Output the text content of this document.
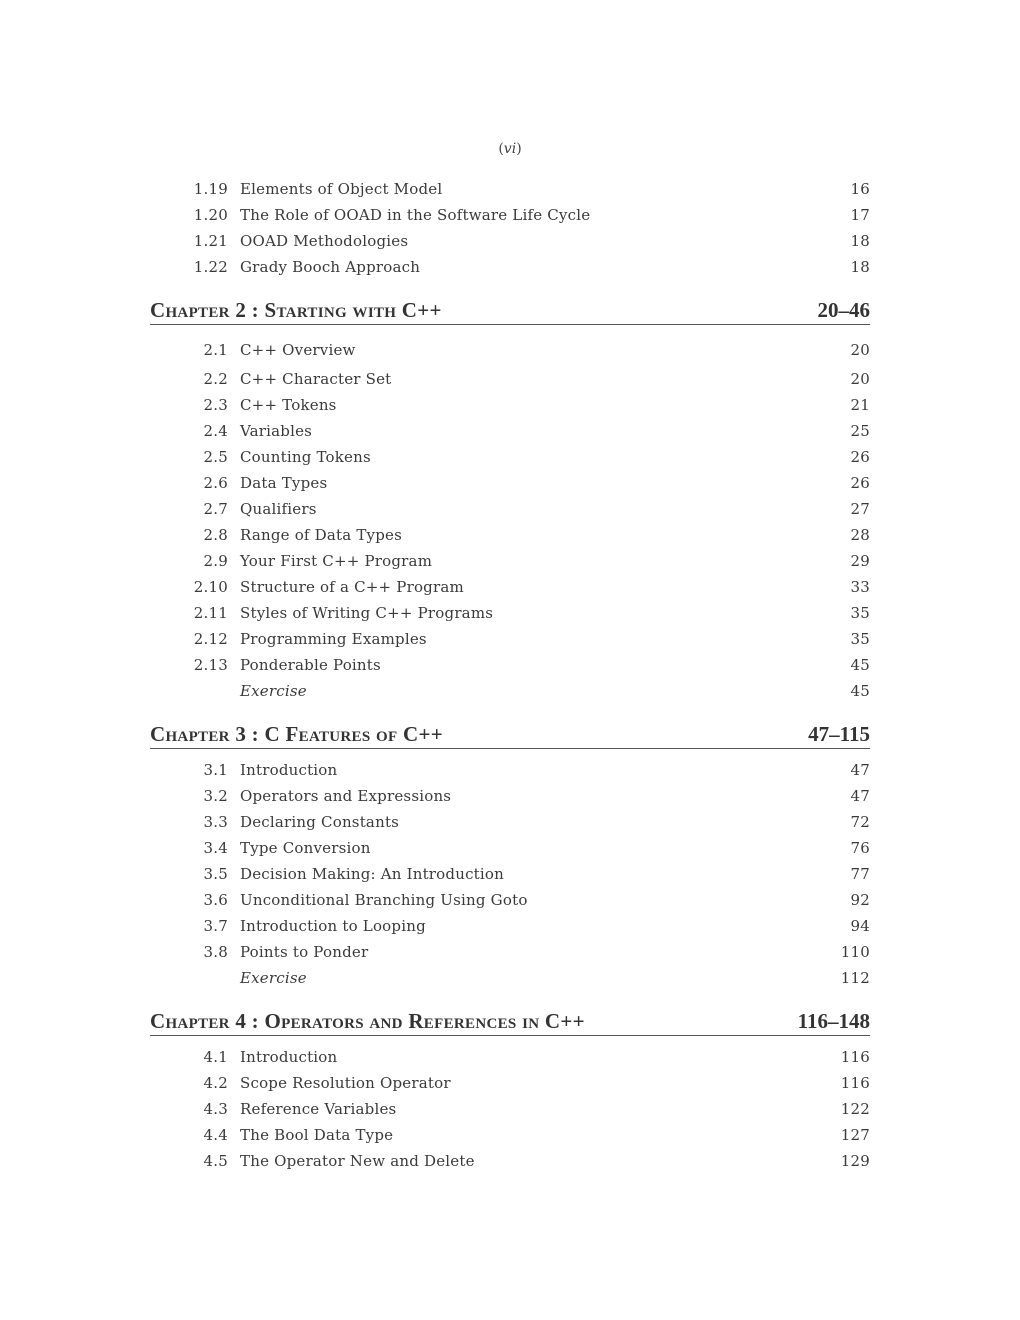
(vi)
1.19 Elements of Object Model	16
1.20 The Role of OOAD in the Software Life Cycle	17
1.21 OOAD Methodologies	18
1.22 Grady Booch Approach	18
Chapter 2 : Starting with C++	20–46
2.1 C++ Overview	20
2.2 C++ Character Set	20
2.3 C++ Tokens	21
2.4 Variables	25
2.5 Counting Tokens	26
2.6 Data Types	26
2.7 Qualifiers	27
2.8 Range of Data Types	28
2.9 Your First C++ Program	29
2.10 Structure of a C++ Program	33
2.11 Styles of Writing C++ Programs	35
2.12 Programming Examples	35
2.13 Ponderable Points	45
Exercise	45
Chapter 3 : C Features of C++	47–115
3.1 Introduction	47
3.2 Operators and Expressions	47
3.3 Declaring Constants	72
3.4 Type Conversion	76
3.5 Decision Making: An Introduction	77
3.6 Unconditional Branching Using Goto	92
3.7 Introduction to Looping	94
3.8 Points to Ponder	110
Exercise	112
Chapter 4 : Operators and References in C++	116–148
4.1 Introduction	116
4.2 Scope Resolution Operator	116
4.3 Reference Variables	122
4.4 The Bool Data Type	127
4.5 The Operator New and Delete	129
